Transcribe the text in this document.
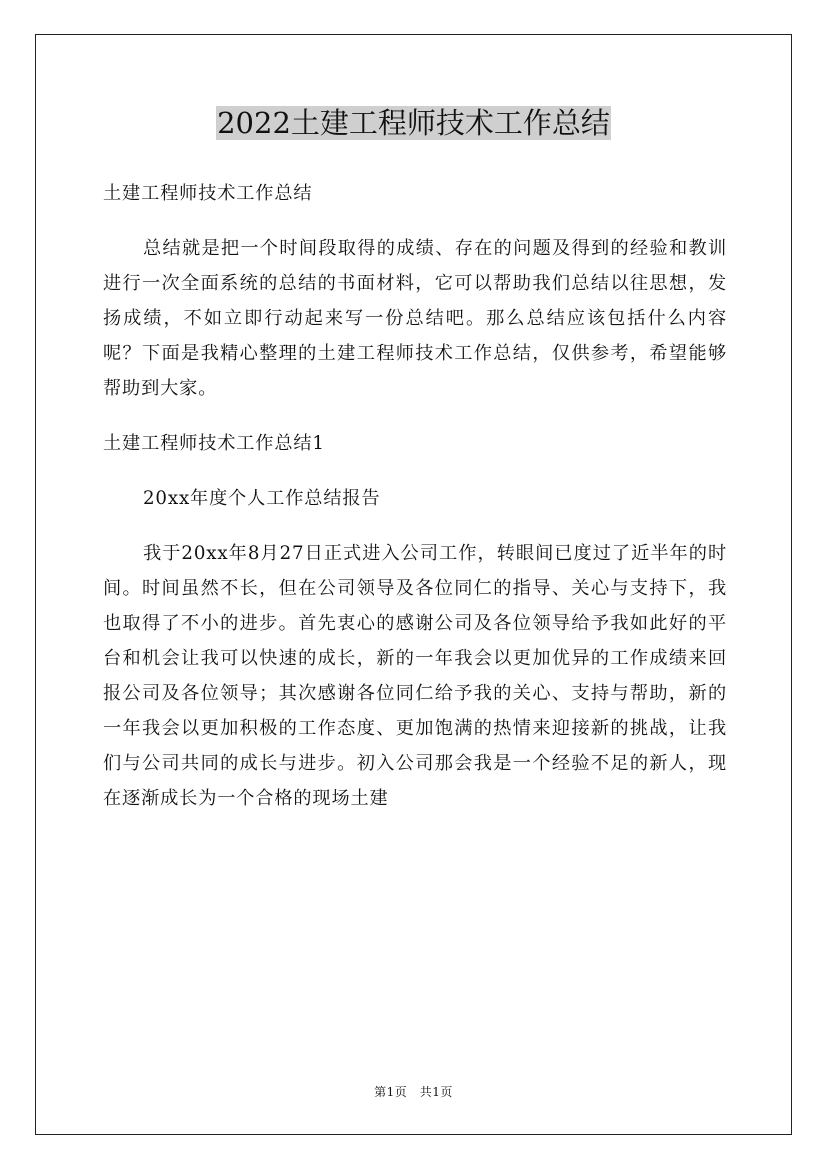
2022土建工程师技术工作总结

土建工程师技术工作总结

总结就是把一个时间段取得的成绩、存在的问题及得到的经验和教训进行一次全面系统的总结的书面材料，它可以帮助我们总结以往思想，发扬成绩，不如立即行动起来写一份总结吧。那么总结应该包括什么内容呢？下面是我精心整理的土建工程师技术工作总结，仅供参考，希望能够帮助到大家。

土建工程师技术工作总结1

20xx年度个人工作总结报告

我于20xx年8月27日正式进入公司工作，转眼间已度过了近半年的时间。时间虽然不长，但在公司领导及各位同仁的指导、关心与支持下，我也取得了不小的进步。首先衷心的感谢公司及各位领导给予我如此好的平台和机会让我可以快速的成长，新的一年我会以更加优异的工作成绩来回报公司及各位领导；其次感谢各位同仁给予我的关心、支持与帮助，新的一年我会以更加积极的工作态度、更加饱满的热情来迎接新的挑战，让我们与公司共同的成长与进步。初入公司那会我是一个经验不足的新人，现在逐渐成长为一个合格的现场土建

第1页　共1页
